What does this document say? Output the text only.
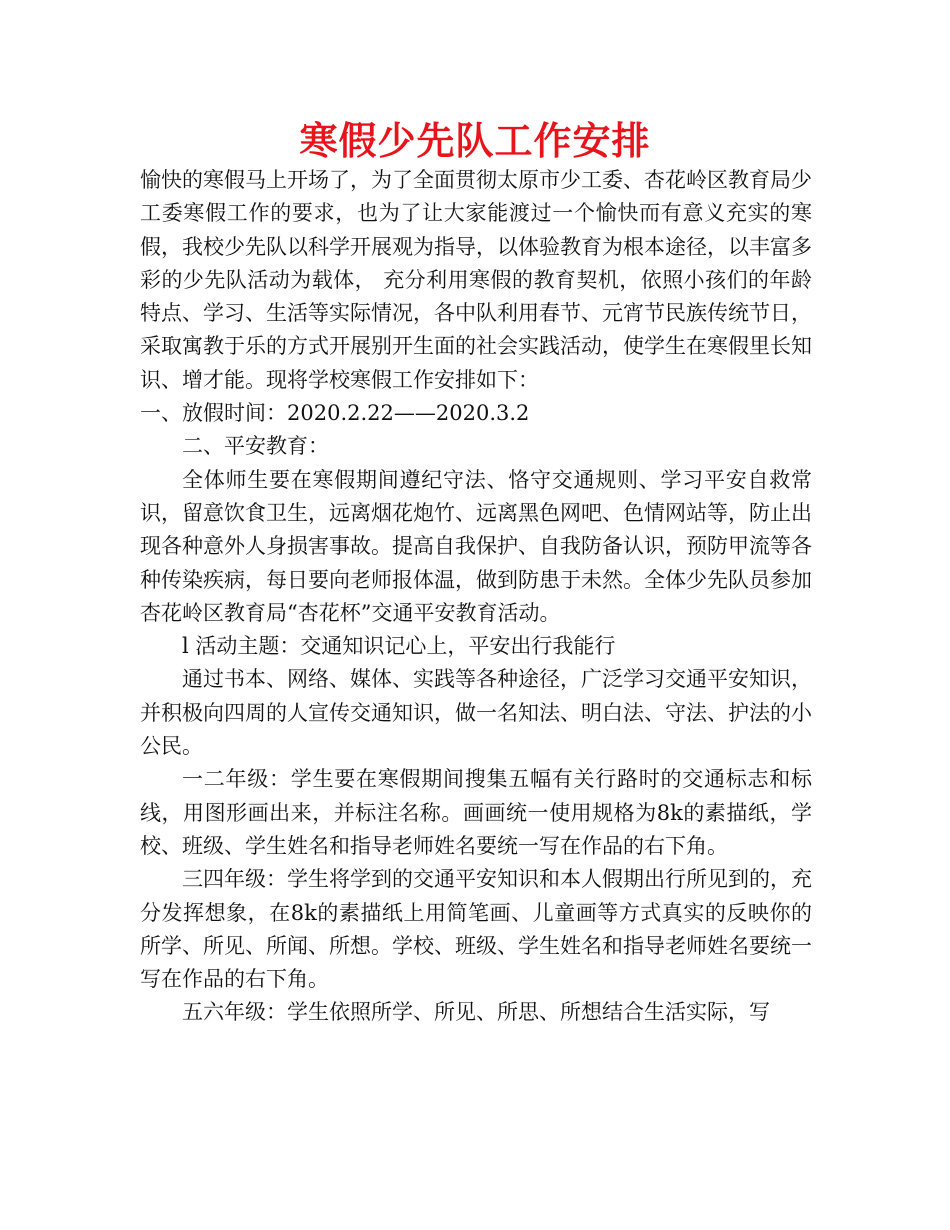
寒假少先队工作安排

愉快的寒假马上开场了，为了全面贯彻太原市少工委、杏花岭区教育局少工委寒假工作的要求，也为了让大家能渡过一个愉快而有意义充实的寒假，我校少先队以科学开展观为指导，以体验教育为根本途径，以丰富多彩的少先队活动为载体， 充分利用寒假的教育契机，依照小孩们的年龄特点、学习、生活等实际情况，各中队利用春节、元宵节民族传统节日，采取寓教于乐的方式开展别开生面的社会实践活动，使学生在寒假里长知识、增才能。现将学校寒假工作安排如下：

一、放假时间：2020.2.22——2020.3.2

二、平安教育：

全体师生要在寒假期间遵纪守法、恪守交通规则、学习平安自救常识，留意饮食卫生，远离烟花炮竹、远离黑色网吧、色情网站等，防止出现各种意外人身损害事故。提高自我保护、自我防备认识，预防甲流等各种传染疾病，每日要向老师报体温，做到防患于未然。全体少先队员参加杏花岭区教育局“杏花杯”交通平安教育活动。

l 活动主题：交通知识记心上，平安出行我能行

通过书本、网络、媒体、实践等各种途径，广泛学习交通平安知识，并积极向四周的人宣传交通知识，做一名知法、明白法、守法、护法的小公民。

一二年级：学生要在寒假期间搜集五幅有关行路时的交通标志和标线，用图形画出来，并标注名称。画画统一使用规格为8k的素描纸，学校、班级、学生姓名和指导老师姓名要统一写在作品的右下角。

三四年级：学生将学到的交通平安知识和本人假期出行所见到的，充分发挥想象，在8k的素描纸上用简笔画、儿童画等方式真实的反映你的所学、所见、所闻、所想。学校、班级、学生姓名和指导老师姓名要统一写在作品的右下角。

五六年级：学生依照所学、所见、所思、所想结合生活实际，写
